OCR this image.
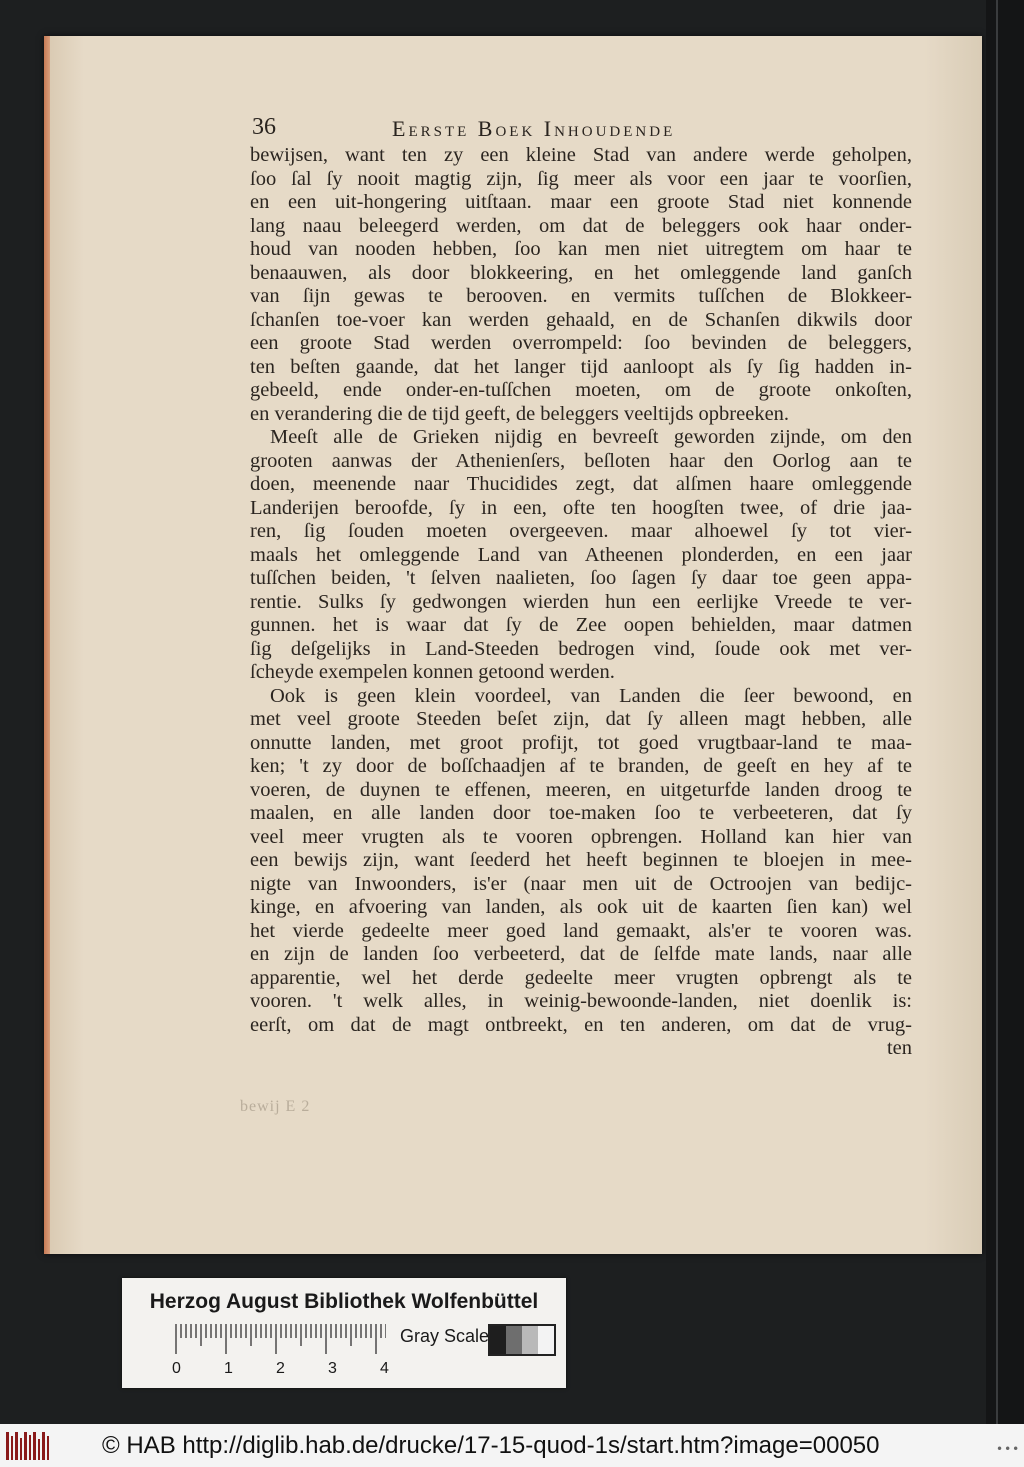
36	Eerste Boek Inhoudende
bewijsen, want ten zy een kleine Stad van andere werde geholpen,
ſoo ſal ſy nooit magtig zijn, ſig meer als voor een jaar te voorſien,
en een uit-hongering uitſtaan. maar een groote Stad niet konnende
lang naau beleegerd werden, om dat de beleggers ook haar onder-
houd van nooden hebben, ſoo kan men niet uitregtem om haar te
benaauwen, als door blokkeering, en het omleggende land ganſch
van ſijn gewas te berooven. en vermits tuſſchen de Blokkeer-
ſchanſen toe-voer kan werden gehaald, en de Schanſen dikwils door
een groote Stad werden overrompeld: ſoo bevinden de beleggers,
ten beſten gaande, dat het langer tijd aanloopt als ſy ſig hadden in-
gebeeld, ende onder-en-tuſſchen moeten, om de groote onkoſten,
en verandering die de tijd geeft, de beleggers veeltijds opbreeken.
Meeſt alle de Grieken nijdig en bevreeſt geworden zijnde, om den
grooten aanwas der Athenienſers, beſloten haar den Oorlog aan te
doen, meenende naar Thucidides zegt, dat alſmen haare omleggende
Landerijen beroofde, ſy in een, ofte ten hoogſten twee, of drie jaa-
ren, ſig ſouden moeten overgeeven. maar alhoewel ſy tot vier-
maals het omleggende Land van Atheenen plonderden, en een jaar
tuſſchen beiden, 't ſelven naalieten, ſoo ſagen ſy daar toe geen appa-
rentie. Sulks ſy gedwongen wierden hun een eerlijke Vreede te ver-
gunnen. het is waar dat ſy de Zee oopen behielden, maar datmen
ſig deſgelijks in Land-Steeden bedrogen vind, ſoude ook met ver-
ſcheyde exempelen konnen getoond werden.
Ook is geen klein voordeel, van Landen die ſeer bewoond, en
met veel groote Steeden beſet zijn, dat ſy alleen magt hebben, alle
onnutte landen, met groot profijt, tot goed vrugtbaar-land te maa-
ken; 't zy door de boſſchaadjen af te branden, de geeſt en hey af te
voeren, de duynen te effenen, meeren, en uitgeturfde landen droog te
maalen, en alle landen door toe-maken ſoo te verbeeteren, dat ſy
veel meer vrugten als te vooren opbrengen. Holland kan hier van
een bewijs zijn, want ſeederd het heeft beginnen te bloejen in mee-
nigte van Inwoonders, is'er (naar men uit de Octroojen van bedijc-
kinge, en afvoering van landen, als ook uit de kaarten ſien kan) wel
het vierde gedeelte meer goed land gemaakt, als'er te vooren was.
en zijn de landen ſoo verbeeterd, dat de ſelfde mate lands, naar alle
apparentie, wel het derde gedeelte meer vrugten opbrengt als te
vooren. 't welk alles, in weinig-bewoonde-landen, niet doenlik is:
eerſt, om dat de magt ontbreekt, en ten anderen, om dat de vrug-
ten
bewij E 2
Herzog August Bibliothek Wolfenbüttel
0	1	2	3	4
Gray Scale
© HAB http://diglib.hab.de/drucke/17-15-quod-1s/start.htm?image=00050	•••
